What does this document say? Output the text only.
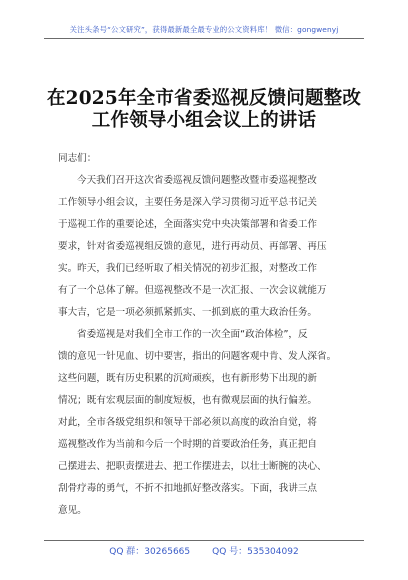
关注头条号“公文研究”，获得最新最全最专业的公文资料库！ 微信：gongwenyj
在2025年全市省委巡视反馈问题整改
工作领导小组会议上的讲话
同志们：
今天我们召开这次省委巡视反馈问题整改暨市委巡视整改
工作领导小组会议，主要任务是深入学习贯彻习近平总书记关
于巡视工作的重要论述，全面落实党中央决策部署和省委工作
要求，针对省委巡视组反馈的意见，进行再动员、再部署、再压
实。昨天，我们已经听取了相关情况的初步汇报，对整改工作
有了一个总体了解。但巡视整改不是一次汇报、一次会议就能万
事大吉，它是一项必须抓紧抓实、一抓到底的重大政治任务。
省委巡视是对我们全市工作的一次全面“政治体检”，反
馈的意见一针见血、切中要害，指出的问题客观中肯、发人深省。
这些问题，既有历史积累的沉疴顽疾，也有新形势下出现的新
情况；既有宏观层面的制度短板，也有微观层面的执行偏差。
对此，全市各级党组织和领导干部必须以高度的政治自觉，将
巡视整改作为当前和今后一个时期的首要政治任务，真正把自
己摆进去、把职责摆进去、把工作摆进去，以壮士断腕的决心、
刮骨疗毒的勇气，不折不扣地抓好整改落实。下面，我讲三点
意见。
QQ 群：30265665 QQ 号：535304092
